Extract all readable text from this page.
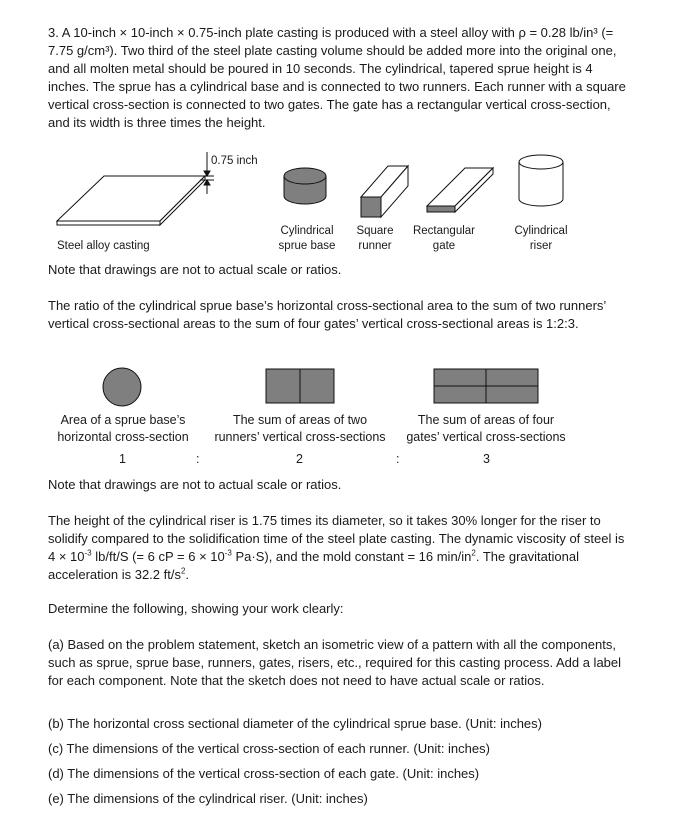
3. A 10-inch × 10-inch × 0.75-inch plate casting is produced with a steel alloy with ρ = 0.28 lb/in³ (= 7.75 g/cm³). Two third of the steel plate casting volume should be added more into the original one, and all molten metal should be poured in 10 seconds. The cylindrical, tapered sprue height is 4 inches. The sprue has a cylindrical base and is connected to two runners. Each runner with a square vertical cross-section is connected to two gates. The gate has a rectangular vertical cross-section, and its width is three times the height.

0.75 inch
Steel alloy casting
Cylindrical
sprue base
Square
runner
Rectangular
gate
Cylindrical
riser

Note that drawings are not to actual scale or ratios.

The ratio of the cylindrical sprue base’s horizontal cross-sectional area to the sum of two runners’ vertical cross-sectional areas to the sum of four gates’ vertical cross-sectional areas is 1:2:3.

Area of a sprue base’s
horizontal cross-section
The sum of areas of two
runners’ vertical cross-sections
The sum of areas of four
gates’ vertical cross-sections
1	:	2	:	3

Note that drawings are not to actual scale or ratios.

The height of the cylindrical riser is 1.75 times its diameter, so it takes 30% longer for the riser to solidify compared to the solidification time of the steel plate casting. The dynamic viscosity of steel is $4 \times 10^{-3}$ lb/ft/S (= 6 cP = $6 \times 10^{-3}$ Pa·S), and the mold constant = 16 $\min/in^2$. The gravitational acceleration is 32.2 $ft/s^2$.

Determine the following, showing your work clearly:

(a) Based on the problem statement, sketch an isometric view of a pattern with all the components, such as sprue, sprue base, runners, gates, risers, etc., required for this casting process. Add a label for each component. Note that the sketch does not need to have actual scale or ratios.

(b) The horizontal cross sectional diameter of the cylindrical sprue base. (Unit: inches)

(c) The dimensions of the vertical cross-section of each runner. (Unit: inches)

(d) The dimensions of the vertical cross-section of each gate. (Unit: inches)

(e) The dimensions of the cylindrical riser. (Unit: inches)
